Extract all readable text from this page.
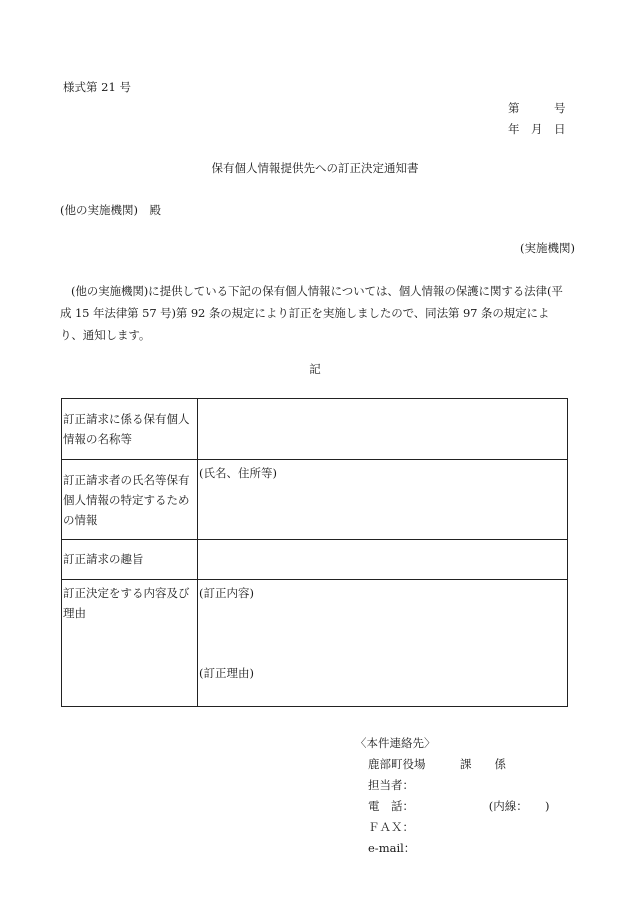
様式第 21 号
第　　　号
年　月　日
保有個人情報提供先への訂正決定通知書
(他の実施機関)　殿
(実施機関)
(他の実施機関)に提供している下記の保有個人情報については、個人情報の保護に関する法律(平成 15 年法律第 57 号)第 92 条の規定により訂正を実施しましたので、同法第 97 条の規定により、通知します。
記
訂正請求に係る保有個人情報の名称等	
訂正請求者の氏名等保有個人情報の特定するための情報	(氏名、住所等)
訂正請求の趣旨	
訂正決定をする内容及び理由	(訂正内容)
(訂正理由)
〈本件連絡先〉
鹿部町役場　　　課　　係
担当者：
電　話：　　　　　　　(内線：　　)
ＦＡＸ：
e-mail：
